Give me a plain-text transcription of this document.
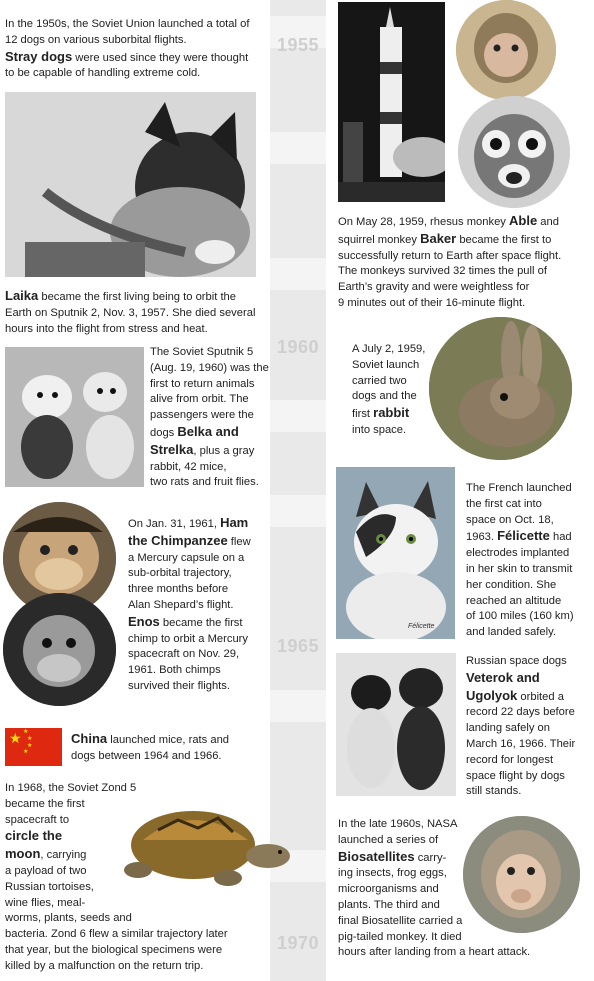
1955
1960
1965
1970
In the 1950s, the Soviet Union launched a total of
12 dogs on various suborbital flights.
Stray dogs were used since they were thought
to be capable of handling extreme cold.
Laika became the first living being to orbit the
Earth on Sputnik 2, Nov. 3, 1957. She died several
hours into the flight from stress and heat.
The Soviet Sputnik 5
(Aug. 19, 1960) was the
first to return animals
alive from orbit. The
passengers were the
dogs Belka and
Strelka, plus a gray
rabbit, 42 mice,
two rats and fruit flies.
On Jan. 31, 1961, Ham
the Chimpanzee flew
a Mercury capsule on a
sub-orbital trajectory,
three months before
Alan Shepard’s flight.
Enos became the first
chimp to orbit a Mercury
spacecraft on Nov. 29,
1961. Both chimps
survived their flights.
★ ★
★
★
★
China launched mice, rats and
dogs between 1964 and 1966.
In 1968, the Soviet Zond 5
became the first
spacecraft to
circle the
moon, carrying
a payload of two
Russian tortoises,
wine flies, meal-
worms, plants, seeds and
bacteria. Zond 6 flew a similar trajectory later
that year, but the biological specimens were
killed by a malfunction on the return trip.
On May 28, 1959, rhesus monkey Able and
squirrel monkey Baker became the first to
successfully return to Earth after space flight.
The monkeys survived 32 times the pull of
Earth’s gravity and were weightless for
9 minutes out of their 16-minute flight.
A July 2, 1959,
Soviet launch
carried two
dogs and the
first rabbit
into space.
Félicette
The French launched
the first cat into
space on Oct. 18,
1963. Félicette had
electrodes implanted
in her skin to transmit
her condition. She
reached an altitude
of 100 miles (160 km)
and landed safely.
Russian space dogs
Veterok and
Ugolyok orbited a
record 22 days before
landing safely on
March 16, 1966. Their
record for longest
space flight by dogs
still stands.
In the late 1960s, NASA
launched a series of
Biosatellites carry-
ing insects, frog eggs,
microorganisms and
plants. The third and
final Biosatellite carried a
pig-tailed monkey. It died
hours after landing from a heart attack.
